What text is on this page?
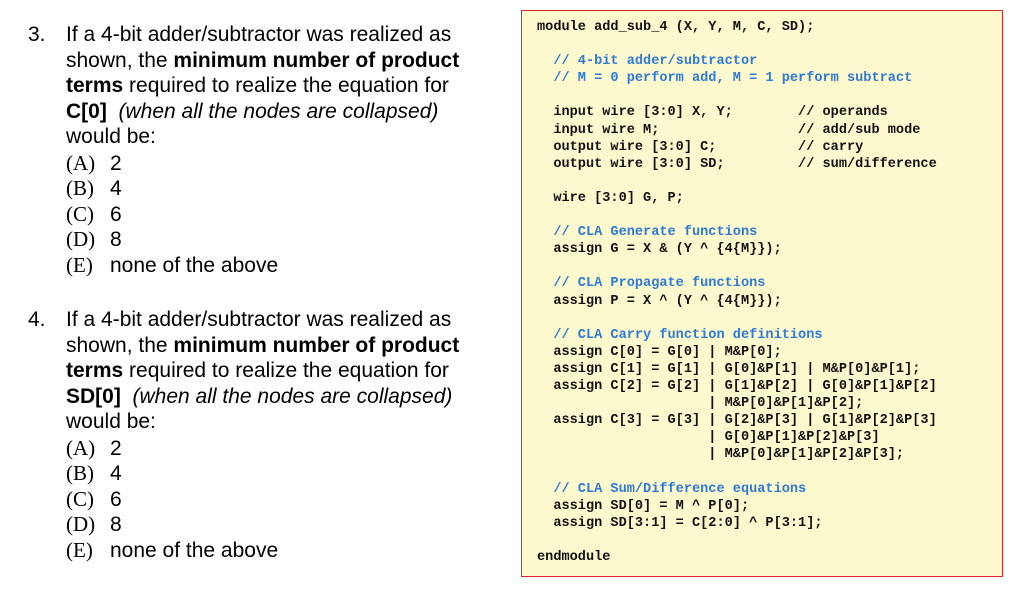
3. If a 4-bit adder/subtractor was realized as shown, the minimum number of product terms required to realize the equation for C[0] (when all the nodes are collapsed) would be:
(A) 2
(B) 4
(C) 6
(D) 8
(E) none of the above
4. If a 4-bit adder/subtractor was realized as shown, the minimum number of product terms required to realize the equation for SD[0] (when all the nodes are collapsed) would be:
(A) 2
(B) 4
(C) 6
(D) 8
(E) none of the above
module add_sub_4 (X, Y, M, C, SD);
// 4-bit adder/subtractor
// M = 0 perform add, M = 1 perform subtract
input wire [3:0] X, Y;        // operands
input wire M;                 // add/sub mode
output wire [3:0] C;          // carry
output wire [3:0] SD;         // sum/difference
wire [3:0] G, P;
// CLA Generate functions
assign G = X & (Y ^ {4{M}});
// CLA Propagate functions
assign P = X ^ (Y ^ {4{M}});
// CLA Carry function definitions
assign C[0] = G[0] | M&P[0];
assign C[1] = G[1] | G[0]&P[1] | M&P[0]&P[1];
assign C[2] = G[2] | G[1]&P[2] | G[0]&P[1]&P[2]
| M&P[0]&P[1]&P[2];
assign C[3] = G[3] | G[2]&P[3] | G[1]&P[2]&P[3]
| G[0]&P[1]&P[2]&P[3]
| M&P[0]&P[1]&P[2]&P[3];
// CLA Sum/Difference equations
assign SD[0] = M ^ P[0];
assign SD[3:1] = C[2:0] ^ P[3:1];
endmodule
